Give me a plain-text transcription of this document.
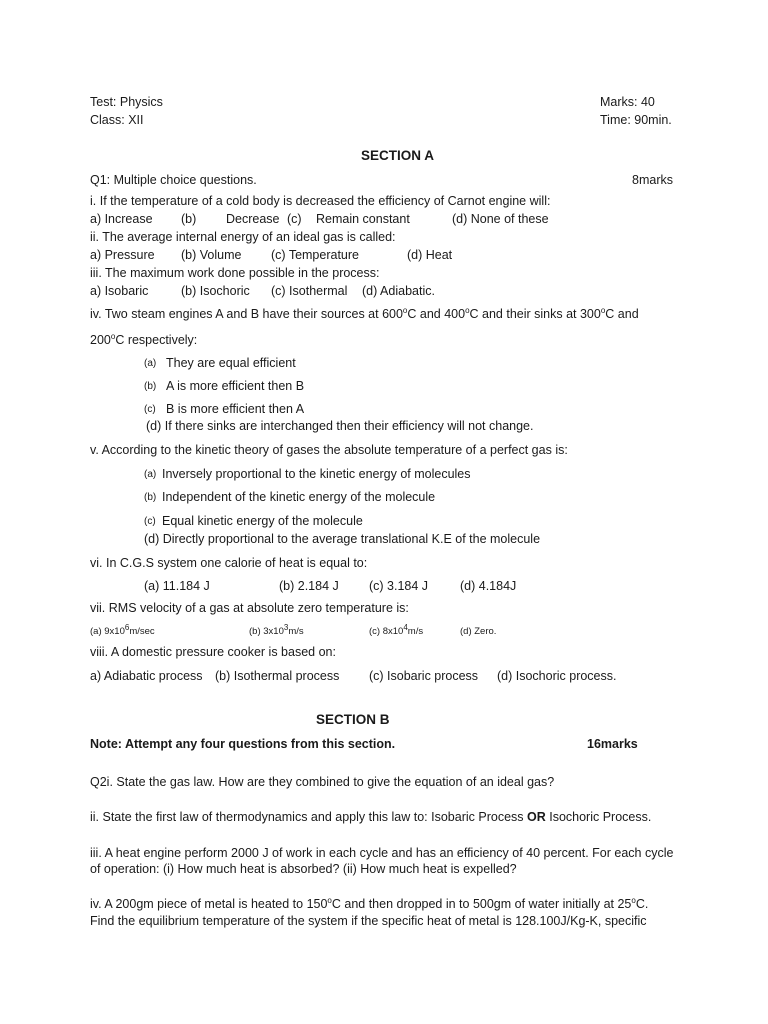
Test: Physics
Class: XII
Marks: 40
Time: 90min.
SECTION A
Q1: Multiple choice questions.	8marks
i. If the temperature of a cold body is decreased the efficiency of Carnot engine will:
a) Increase (b) Decrease (c) Remain constant	(d) None of these
ii. The average internal energy of an ideal gas is called:
a) Pressure (b) Volume (c) Temperature	(d) Heat
iii. The maximum work done possible in the process:
a) Isobaric	(b) Isochoric (c) Isothermal (d) Adiabatic.
iv. Two steam engines A and B have their sources at 600$^o$C and 400$^o$C and their sinks at 300$^o$C and
200$^o$C respectively:
(a) They are equal efficient
(b) A is more efficient then B
(c) B is more efficient then A
(d) If there sinks are interchanged then their efficiency will not change.
v. According to the kinetic theory of gases the absolute temperature of a perfect gas is:
(a) Inversely proportional to the kinetic energy of molecules
(b) Independent of the kinetic energy of the molecule
(c) Equal kinetic energy of the molecule
(d) Directly proportional to the average translational K.E of the molecule
vi. In C.G.S system one calorie of heat is equal to:
(a) 11.184 J	(b) 2.184 J (c) 3.184 J	(d) 4.184J
vii. RMS velocity of a gas at absolute zero temperature is:
(a) $9x10^6m/\sec$	(b) $3x10^3m/s$	(c) $8x10^4m/s$	(d) Zero.
viii. A domestic pressure cooker is based on:
a) Adiabatic process (b) Isothermal process (c) Isobaric process (d) Isochoric process.
SECTION B
Note: Attempt any four questions from this section.	16marks
Q2i. State the gas law. How are they combined to give the equation of an ideal gas?
ii. State the first law of thermodynamics and apply this law to: Isobaric Process OR Isochoric Process.
iii. A heat engine perform 2000 J of work in each cycle and has an efficiency of 40 percent. For each cycle
of operation: (i) How much heat is absorbed? (ii) How much heat is expelled?
iv. A 200gm piece of metal is heated to 150$^o$C and then dropped in to 500gm of water initially at 25$^o$C.
Find the equilibrium temperature of the system if the specific heat of metal is 128.100J/Kg-K, specific
